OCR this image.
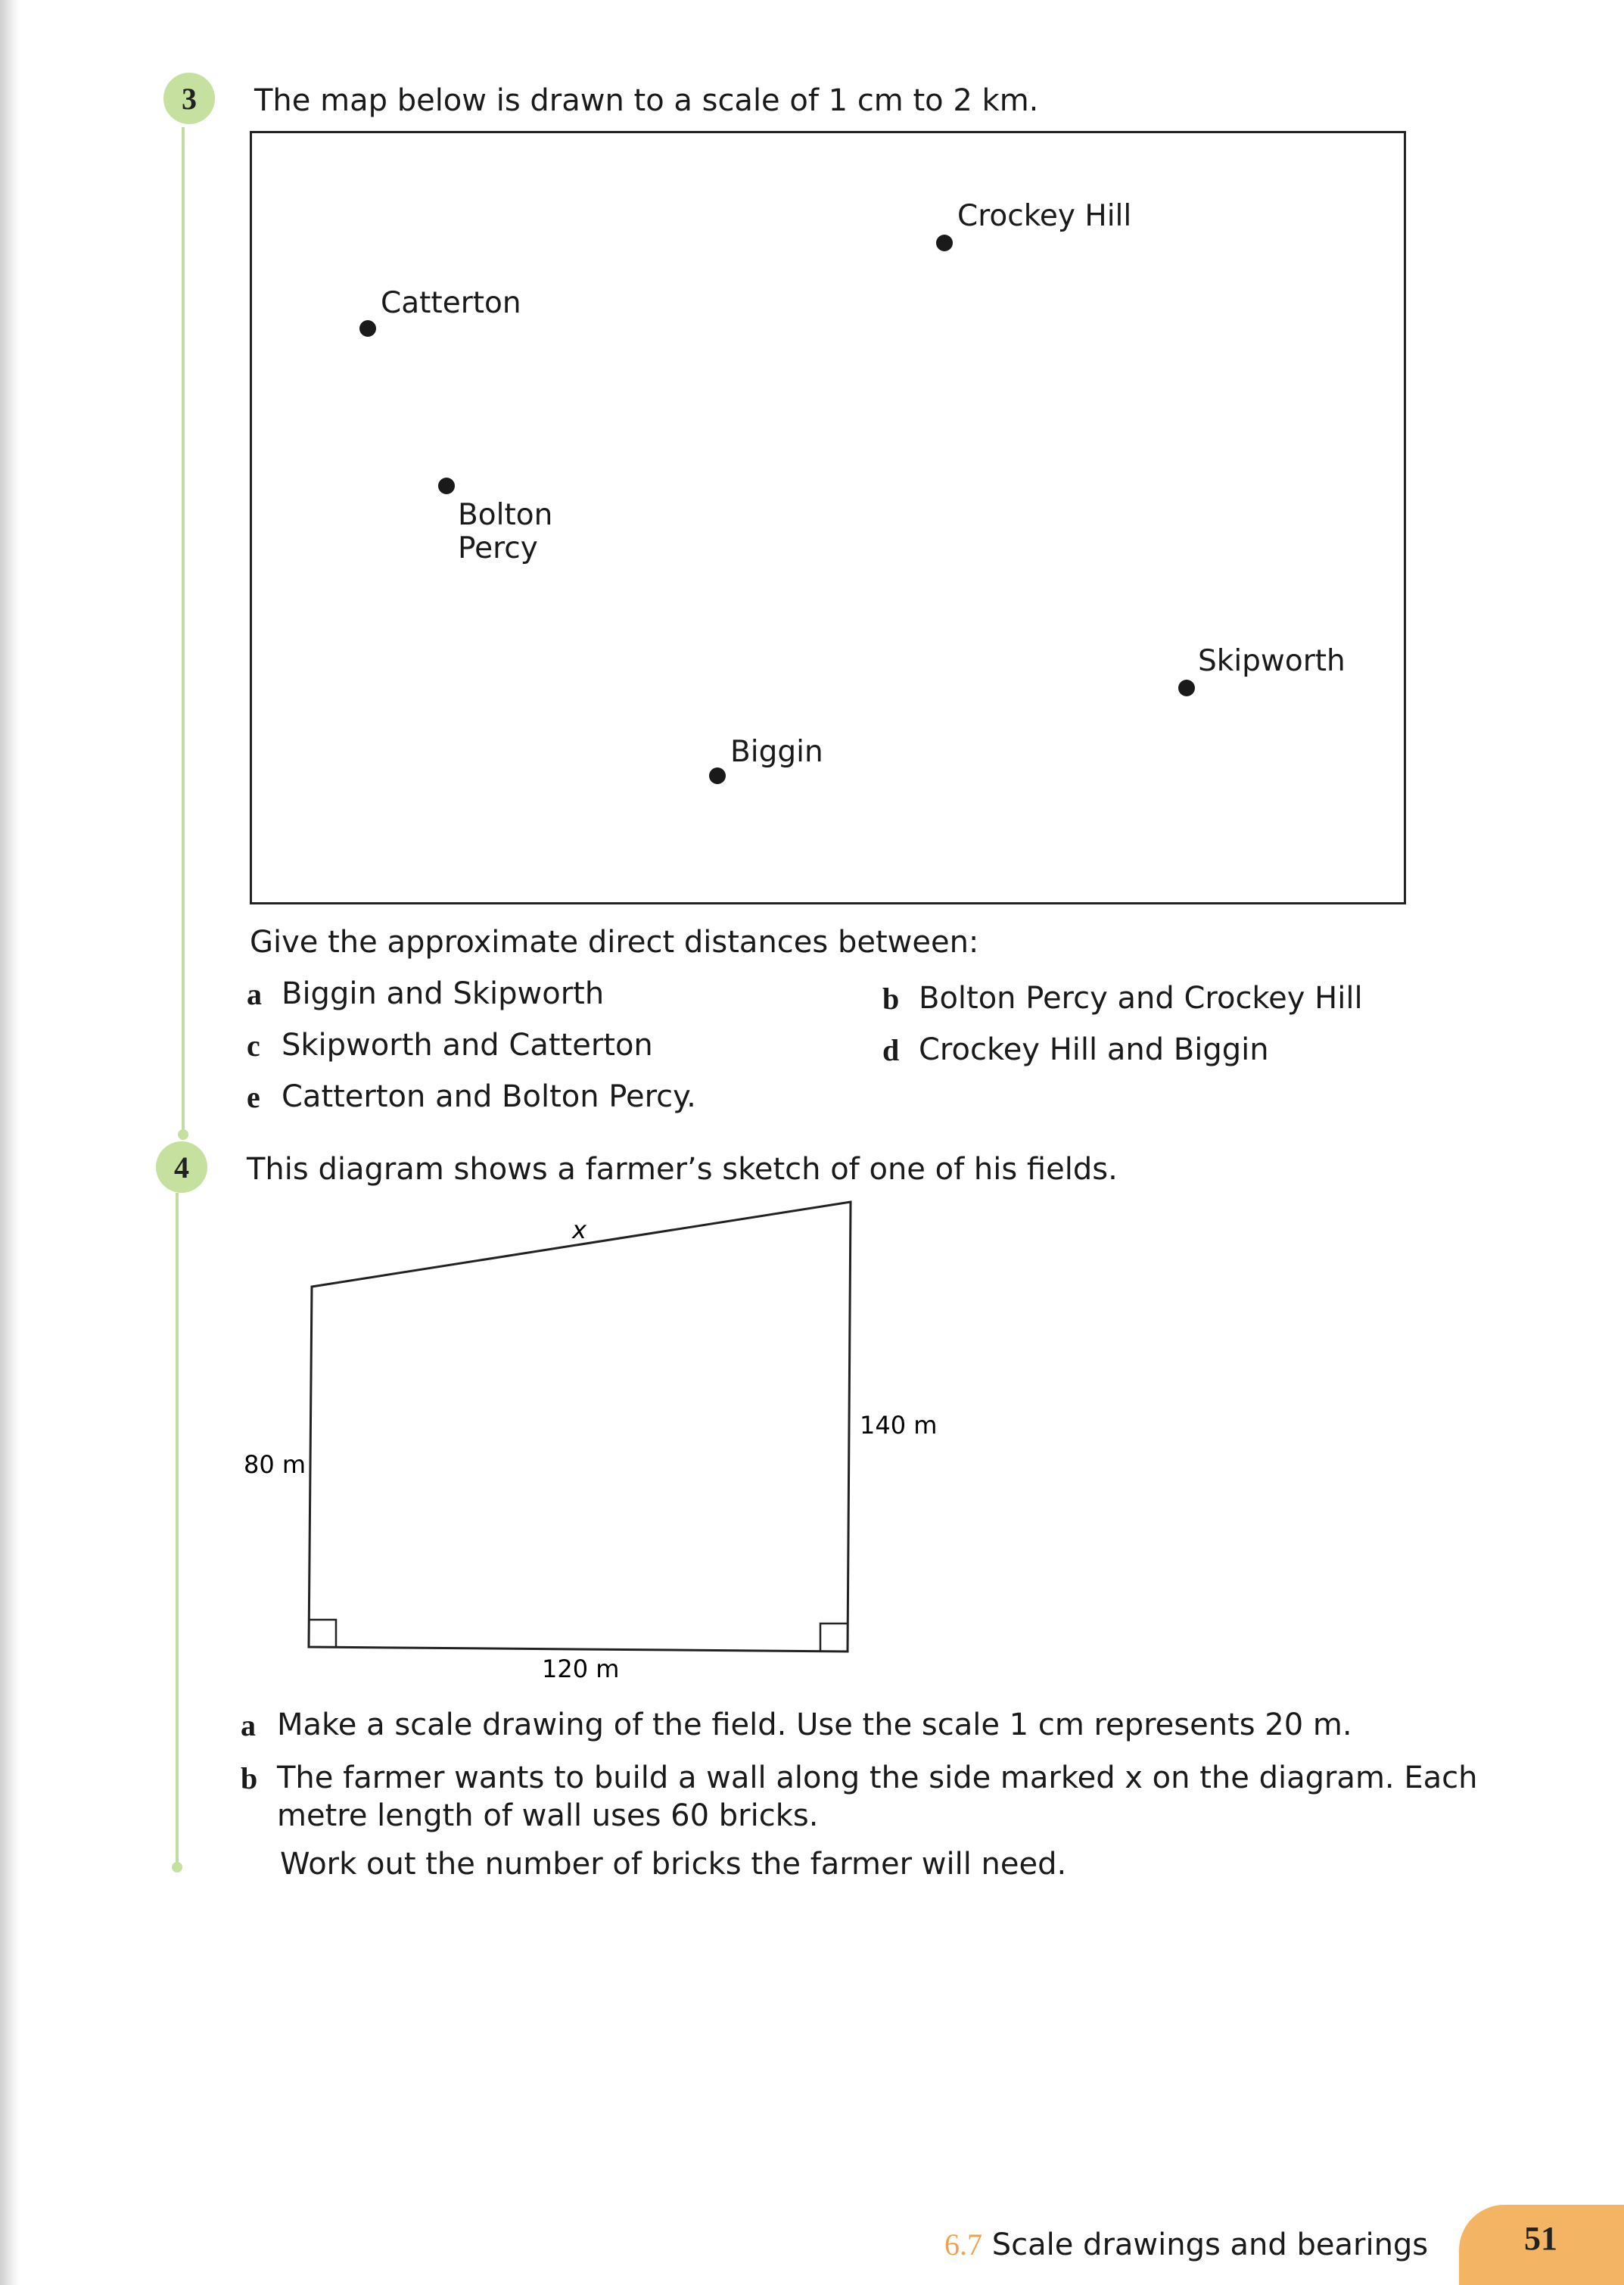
3	The map below is drawn to a scale of 1 cm to 2 km.
Crockey Hill
Catterton
Bolton
Percy
Skipworth
Biggin
Give the approximate direct distances between:
a Biggin and Skipworth	b Bolton Percy and Crockey Hill
c Skipworth and Catterton	d Crockey Hill and Biggin
e Catterton and Bolton Percy.
4	This diagram shows a farmer’s sketch of one of his fields.
x
80 m
140 m
120 m
a Make a scale drawing of the field. Use the scale 1 cm represents 20 m.
b The farmer wants to build a wall along the side marked x on the diagram. Each
metre length of wall uses 60 bricks.
Work out the number of bricks the farmer will need.
6.7 Scale drawings and bearings	51
